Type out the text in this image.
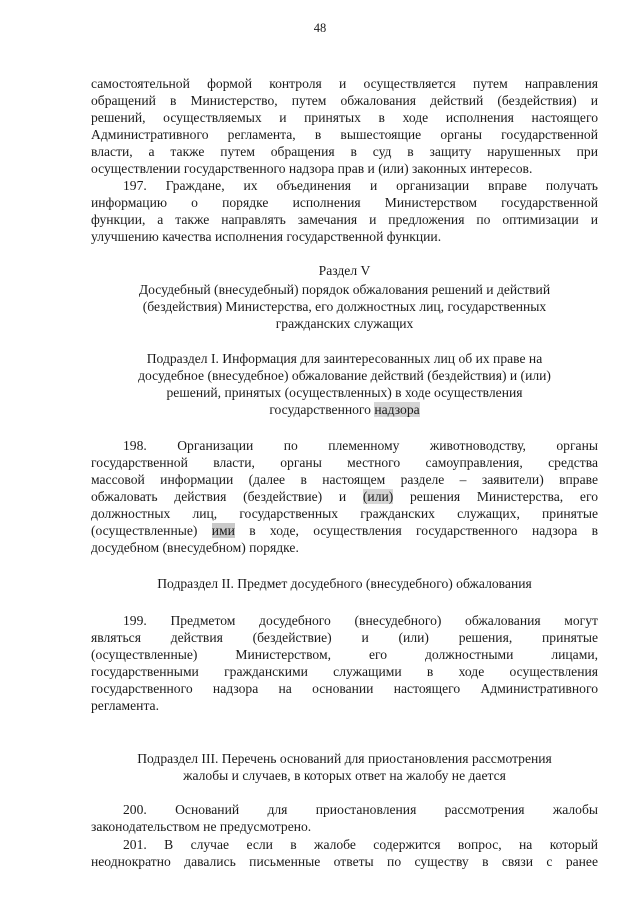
48
самостоятельной формой контроля и осуществляется путем направления
обращений в Министерство, путем обжалования действий (бездействия) и
решений, осуществляемых и принятых в ходе исполнения настоящего
Административного регламента, в вышестоящие органы государственной
власти, а также путем обращения в суд в защиту нарушенных при
осуществлении государственного надзора прав и (или) законных интересов.
197. Граждане, их объединения и организации вправе получать
информацию о порядке исполнения Министерством государственной
функции, а также направлять замечания и предложения по оптимизации и
улучшению качества исполнения государственной функции.
Раздел V
Досудебный (внесудебный) порядок обжалования решений и действий
(бездействия) Министерства, его должностных лиц, государственных
гражданских служащих
Подраздел I. Информация для заинтересованных лиц об их праве на
досудебное (внесудебное) обжалование действий (бездействия) и (или)
решений, принятых (осуществленных) в ходе осуществления
государственного надзора
198. Организации по племенному животноводству, органы
государственной власти, органы местного самоуправления, средства
массовой информации (далее в настоящем разделе – заявители) вправе
обжаловать действия (бездействие) и (или) решения Министерства, его
должностных лиц, государственных гражданских служащих, принятые
(осуществленные) ими в ходе, осуществления государственного надзора в
досудебном (внесудебном) порядке.
Подраздел II. Предмет досудебного (внесудебного) обжалования
199. Предметом досудебного (внесудебного) обжалования могут
являться действия (бездействие) и (или) решения, принятые
(осуществленные) Министерством, его должностными лицами,
государственными гражданскими служащими в ходе осуществления
государственного надзора на основании настоящего Административного
регламента.
Подраздел III. Перечень оснований для приостановления рассмотрения
жалобы и случаев, в которых ответ на жалобу не дается
200. Оснований для приостановления рассмотрения жалобы
законодательством не предусмотрено.
201. В случае если в жалобе содержится вопрос, на который
неоднократно давались письменные ответы по существу в связи с ранее
